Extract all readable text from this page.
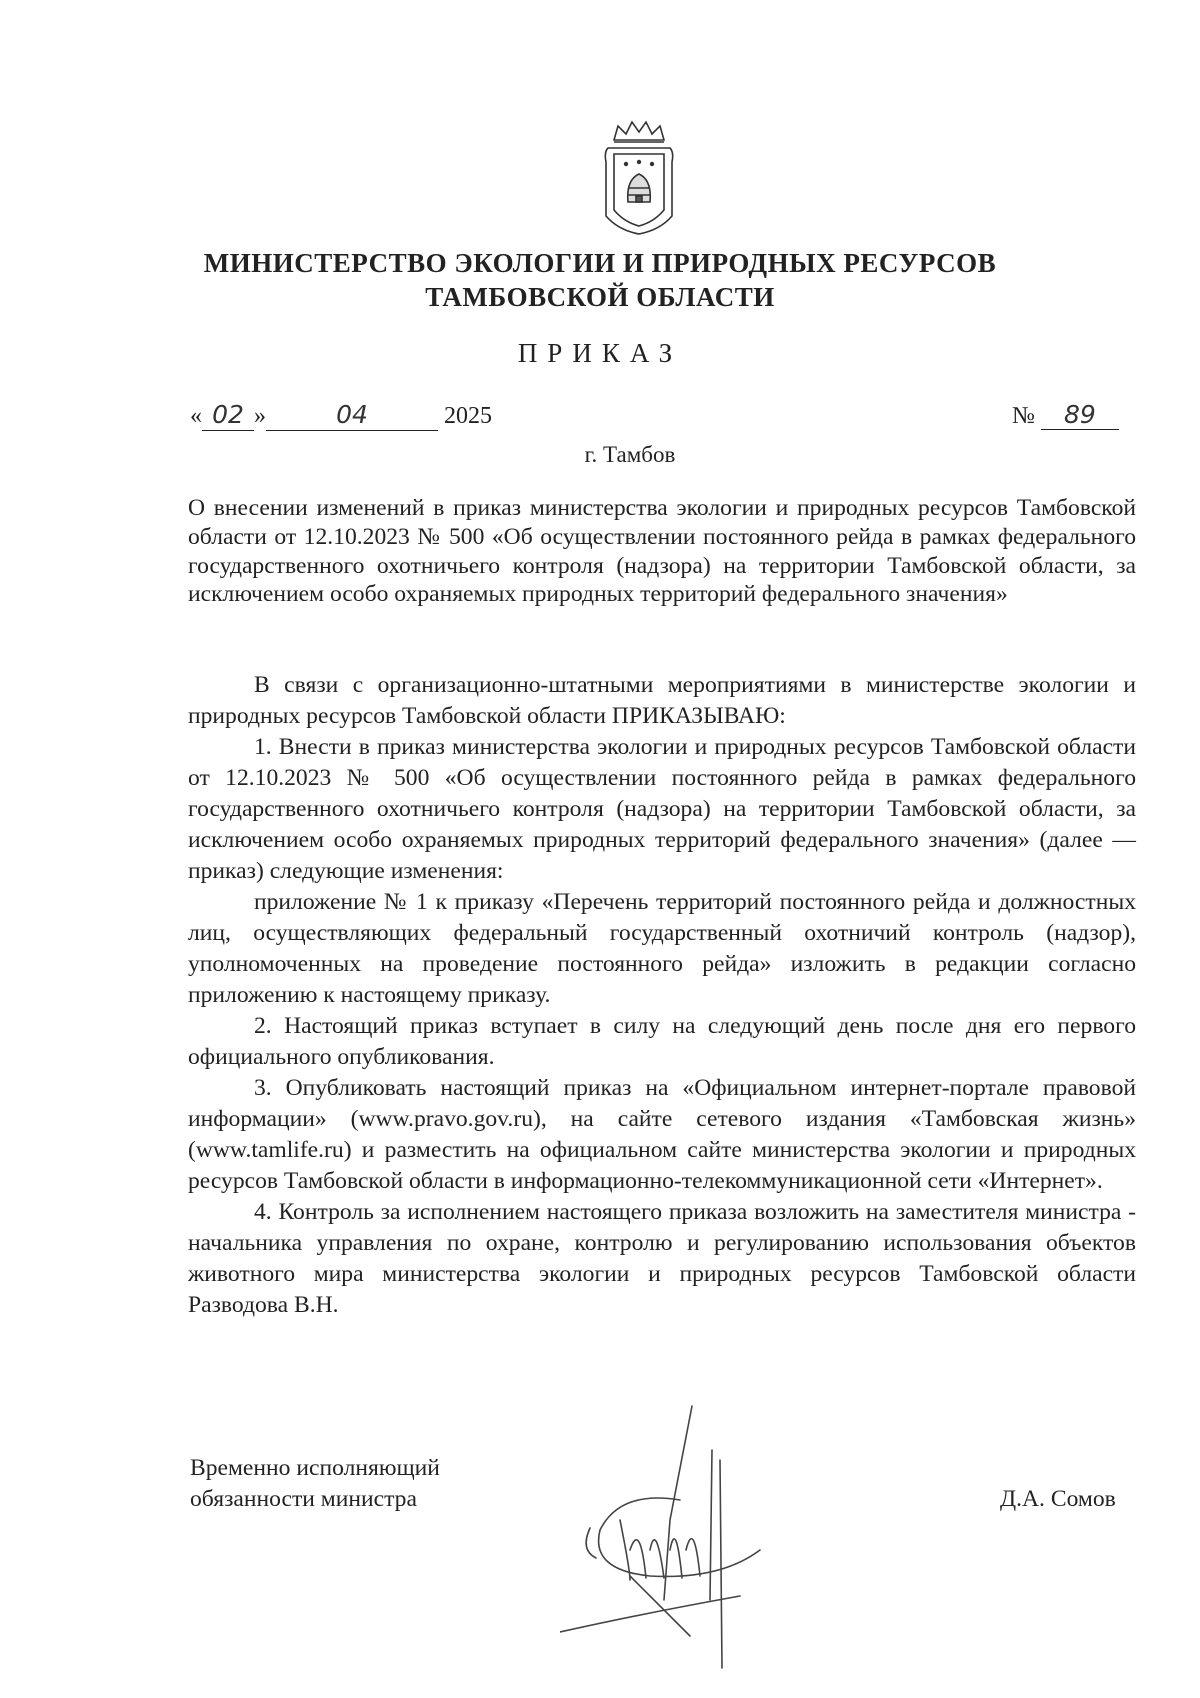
МИНИСТЕРСТВО ЭКОЛОГИИ И ПРИРОДНЫХ РЕСУРСОВ
ТАМБОВСКОЙ ОБЛАСТИ
ПРИКАЗ
« 02 »	04	2025	№ 89
г. Тамбов
О внесении изменений в приказ министерства экологии и природных ресурсов Тамбовской области от 12.10.2023 № 500 «Об осуществлении постоянного рейда в рамках федерального государственного охотничьего контроля (надзора) на территории Тамбовской области, за исключением особо охраняемых природных территорий федерального значения»

В связи с организационно-штатными мероприятиями в министерстве экологии и природных ресурсов Тамбовской области ПРИКАЗЫВАЮ:

1. Внести в приказ министерства экологии и природных ресурсов Тамбовской области от 12.10.2023 № 500 «Об осуществлении постоянного рейда в рамках федерального государственного охотничьего контроля (надзора) на территории Тамбовской области, за исключением особо охраняемых природных территорий федерального значения» (далее — приказ) следующие изменения:

приложение № 1 к приказу «Перечень территорий постоянного рейда и должностных лиц, осуществляющих федеральный государственный охотничий контроль (надзор), уполномоченных на проведение постоянного рейда» изложить в редакции согласно приложению к настоящему приказу.

2. Настоящий приказ вступает в силу на следующий день после дня его первого официального опубликования.

3. Опубликовать настоящий приказ на «Официальном интернет-портале правовой информации» (www.pravo.gov.ru), на сайте сетевого издания «Тамбовская жизнь» (www.tamlife.ru) и разместить на официальном сайте министерства экологии и природных ресурсов Тамбовской области в информационно-телекоммуникационной сети «Интернет».

4. Контроль за исполнением настоящего приказа возложить на заместителя министра - начальника управления по охране, контролю и регулированию использования объектов животного мира министерства экологии и природных ресурсов Тамбовской области Разводова В.Н.

Временно исполняющий
обязанности министра	Д.А. Сомов
